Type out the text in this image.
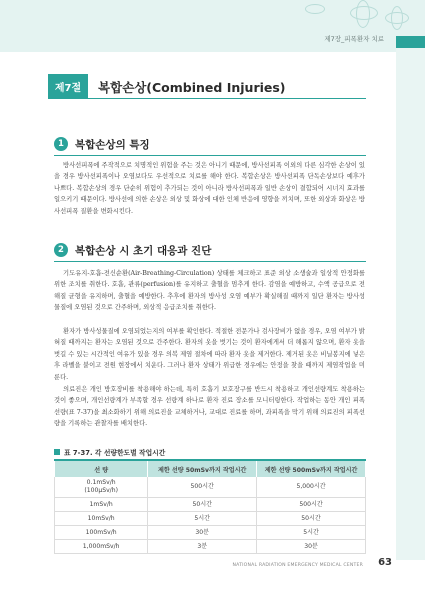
제7장_피폭환자 치료
제7절	복합손상(Combined Injuries)
1	복합손상의 특징

방사선피폭에 주작적으로 치명적인 위험을 주는 것은 아니기 때문에, 방사선피폭 이외의 다른 심각한 손상이 있을 경우 방사선피폭이나 오염보다도 우선적으로 치료를 해야 한다. 복합손상은 방사선피폭 단독손상보다 예후가 나쁘다. 복합손상의 경우 단순히 위험이 추가되는 것이 아니라 방사선피폭과 일반 손상이 결합되어 시너지 효과를 일으키기 때문이다. 방사선에 의한 손상은 외상 및 화상에 대한 인체 반응에 영향을 끼치며, 또한 외상과 화상은 방사선피폭 질환을 변화시킨다.

2	복합손상 시 초기 대응과 진단

기도유지-호흡-전신순환(Air-Breathing-Circulation) 상태를 체크하고 표준 외상 소생술과 일상적 안정화를 위한 조치를 취한다. 호흡, 관류(perfusion)를 유지하고 출혈을 멈추게 한다. 감염을 예방하고, 수액 공급으로 전해질 균형을 유지하며, 출혈을 예방한다. 추후에 환자의 방사성 오염 예부가 확실해질 때까지 일단 환자는 방사성물질에 오염된 것으로 간주하며, 외상적 응급조치를 취한다.

환자가 방사성물질에 오염되었는지의 여부를 확인한다. 적절한 전문가나 검사장비가 없을 경우, 오염 여부가 밝혀질 때까지는 환자는 오염된 것으로 간주한다. 환자의 옷을 벗기는 것이 환자에게서 더 해롭지 않으며, 환자 옷을 벗길 수 있는 시간적인 여유가 있을 경우 의복 제염 절차에 따라 환자 옷을 제거한다. 제거된 옷은 비닐봉지에 넣은 후 라벨을 붙이고 전원 현장에서 치운다. 그러나 환자 상태가 위급한 경우에는 안정을 찾을 때까지 제염작업을 미룬다.

의료진은 개인 방호장비를 착용해야 하는데, 특히 호흡기 보호장구를 반드시 착용하고 개인선량계도 착용하는 것이 좋으며, 개인선량계가 부족할 경우 선량계 하나로 환자 진료 장소를 모니터링한다. 작업하는 동안 개인 피폭선량(표 7-37)을 최소화하기 위해 의료진을 교체하거나, 교대로 진료를 하며, 과피폭을 막기 위해 의료진의 피폭선량을 기록하는 관찰자를 배치한다.

표 7-37. 각 선량한도별 작업시간
선 량	제한 선량 50mSv까지 작업시간	제한 선량 500mSv까지 작업시간
0.1mSv/h
(100µSv/h)	500시간	5,000시간
1mSv/h	50시간	500시간
10mSv/h	5시간	50시간
100mSv/h	30분	5시간
1,000mSv/h	3분	30분
NATIONAL RADIATION EMERGENCY MEDICAL CENTER 63
